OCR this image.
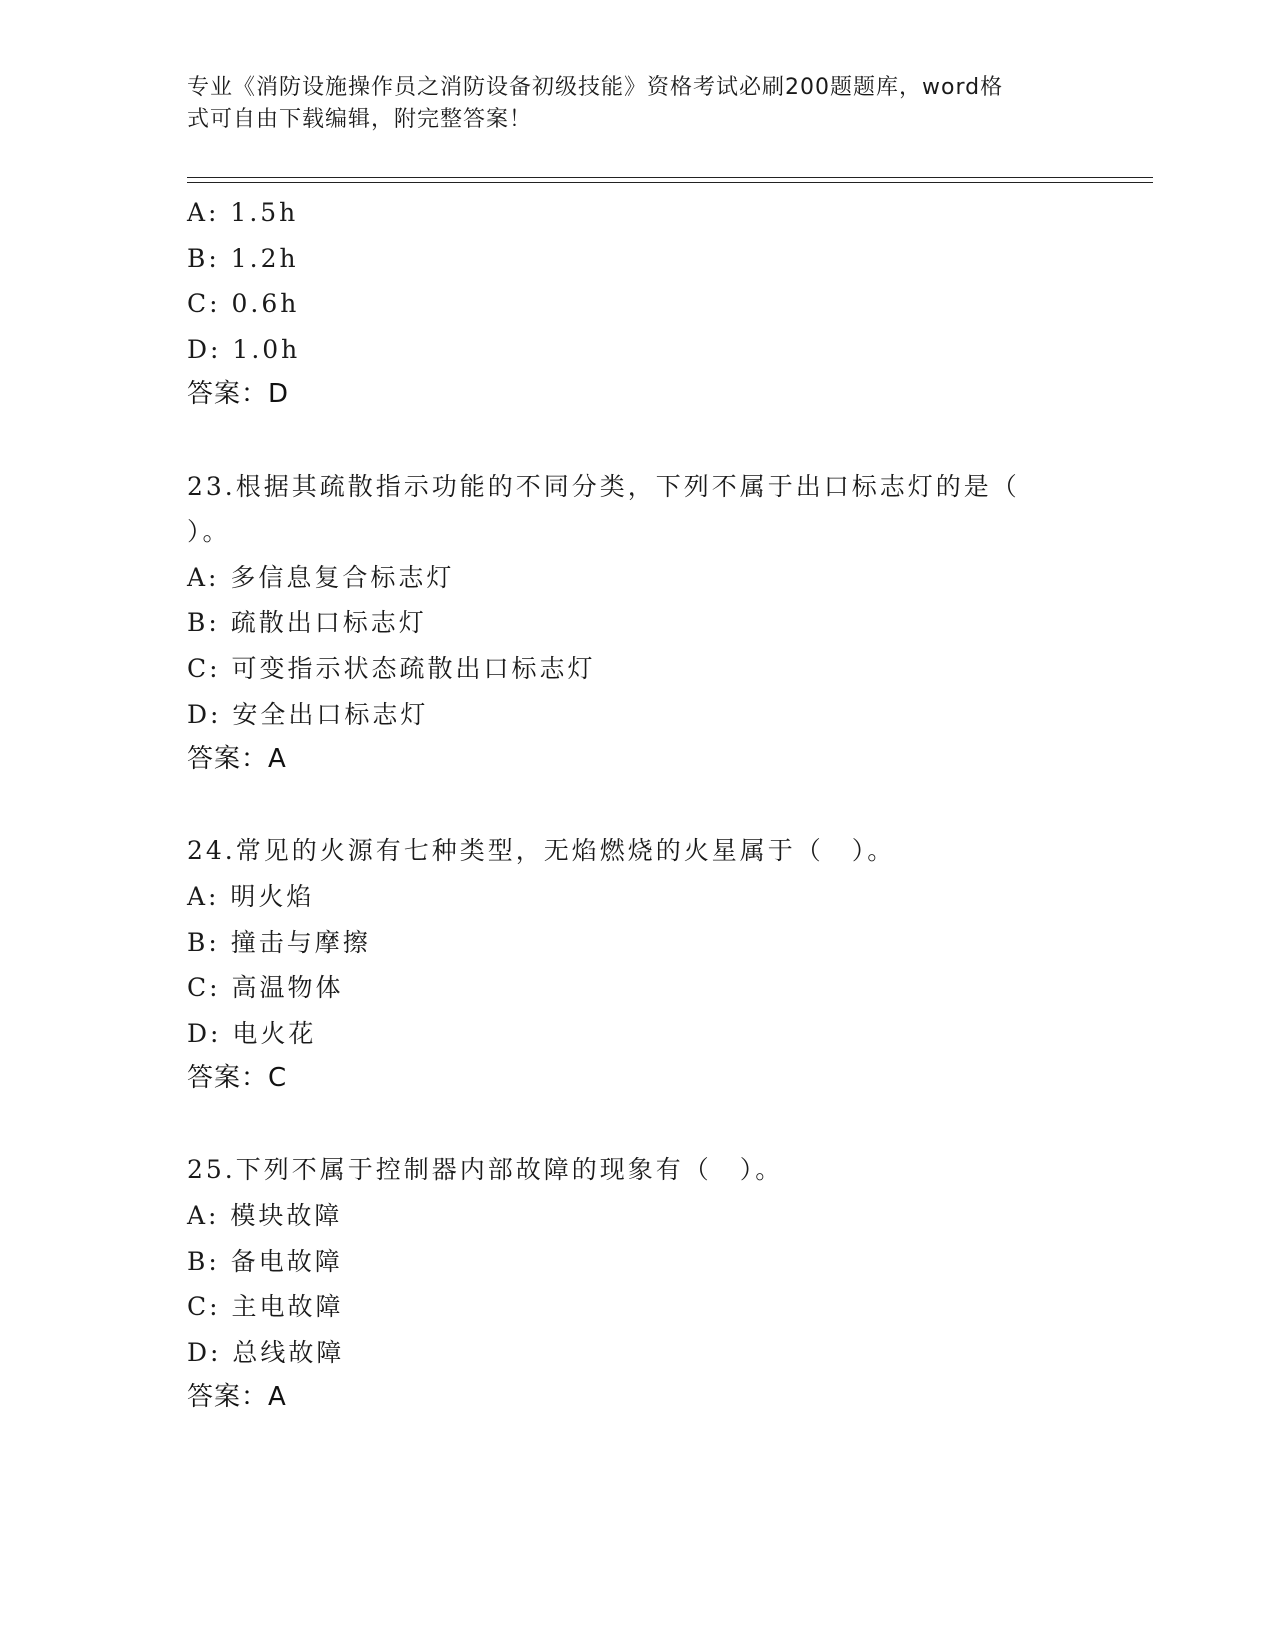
专业《消防设施操作员之消防设备初级技能》资格考试必刷200题题库，word格
式可自由下载编辑，附完整答案！
A: 1.5h
B: 1.2h
C: 0.6h
D: 1.0h
答案：D
23.根据其疏散指示功能的不同分类，下列不属于出口标志灯的是（
）。
A: 多信息复合标志灯
B: 疏散出口标志灯
C: 可变指示状态疏散出口标志灯
D: 安全出口标志灯
答案：A
24.常见的火源有七种类型，无焰燃烧的火星属于（　）。
A: 明火焰
B: 撞击与摩擦
C: 高温物体
D: 电火花
答案：C
25.下列不属于控制器内部故障的现象有（　）。
A: 模块故障
B: 备电故障
C: 主电故障
D: 总线故障
答案：A
